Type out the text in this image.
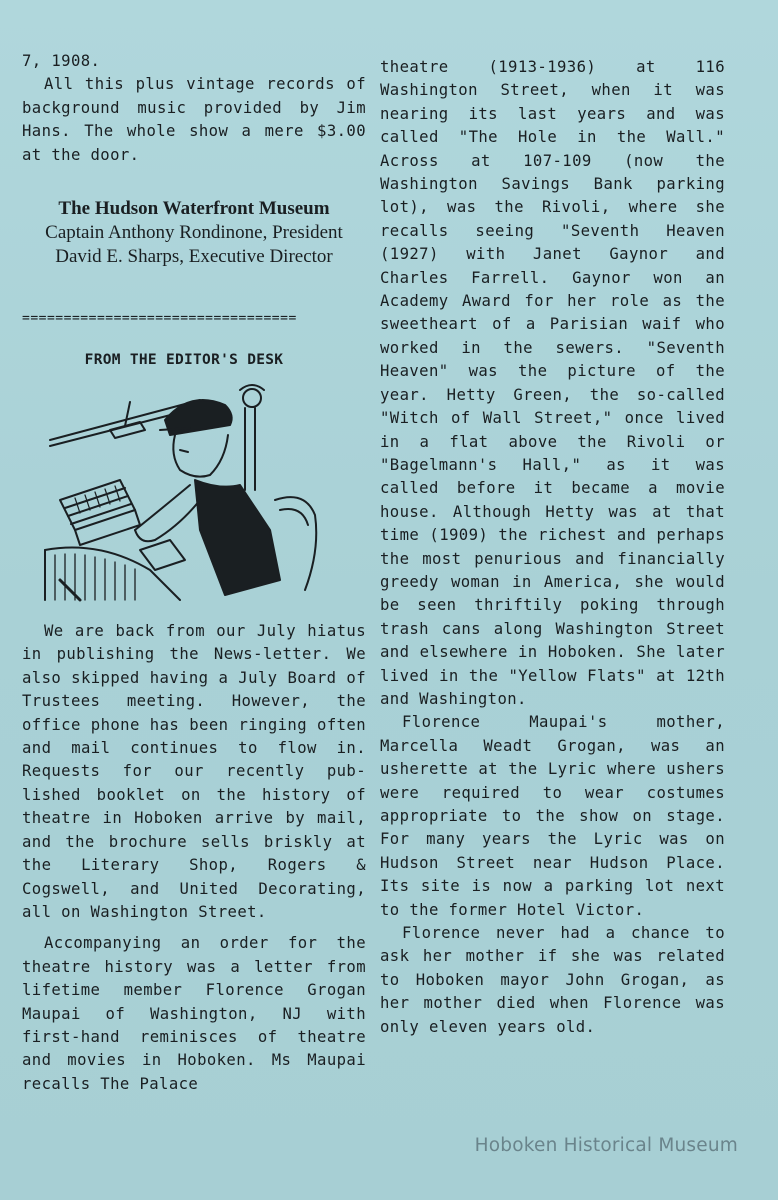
7, 1908.

All this plus vintage records of background music provided by Jim Hans. The whole show a mere $3.00 at the door.

The Hudson Waterfront Museum
Captain Anthony Rondinone, President
David E. Sharps, Executive Director
=================================
FROM THE EDITOR'S DESK

We are back from our July hiatus in publishing the News-letter. We also skipped having a July Board of Trustees meeting. However, the office phone has been ringing often and mail continues to flow in. Requests for our recently pub-lished booklet on the history of theatre in Hoboken arrive by mail, and the brochure sells briskly at the Literary Shop, Rogers & Cogswell, and United Decorating, all on Washington Street.

Accompanying an order for the theatre history was a letter from lifetime member Florence Grogan Maupai of Washington, NJ with first-hand reminisces of theatre and movies in Hoboken. Ms Maupai recalls The Palace

theatre (1913-1936) at 116 Washington Street, when it was nearing its last years and was called "The Hole in the Wall." Across at 107-109 (now the Washington Savings Bank parking lot), was the Rivoli, where she recalls seeing "Seventh Heaven (1927) with Janet Gaynor and Charles Farrell. Gaynor won an Academy Award for her role as the sweetheart of a Parisian waif who worked in the sewers. "Seventh Heaven" was the picture of the year. Hetty Green, the so-called "Witch of Wall Street," once lived in a flat above the Rivoli or "Bagelmann's Hall," as it was called before it became a movie house. Although Hetty was at that time (1909) the richest and perhaps the most penurious and financially greedy woman in America, she would be seen thriftily poking through trash cans along Washington Street and elsewhere in Hoboken. She later lived in the "Yellow Flats" at 12th and Washington.

Florence Maupai's mother, Marcella Weadt Grogan, was an usherette at the Lyric where ushers were required to wear costumes appropriate to the show on stage. For many years the Lyric was on Hudson Street near Hudson Place. Its site is now a parking lot next to the former Hotel Victor.

Florence never had a chance to ask her mother if she was related to Hoboken mayor John Grogan, as her mother died when Florence was only eleven years old.

Hoboken Historical Museum
